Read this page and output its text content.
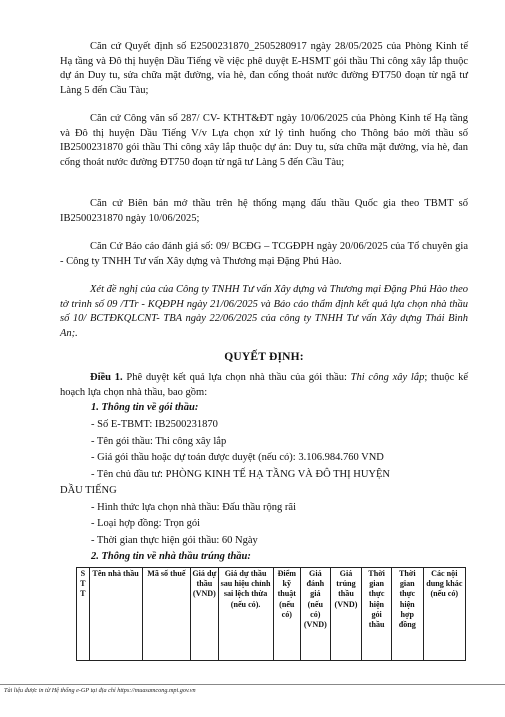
Căn cứ Quyết định số E2500231870_2505280917 ngày 28/05/2025 của Phòng Kinh tế Hạ tầng và Đô thị huyện Dầu Tiếng về việc phê duyệt E-HSMT gói thầu Thi công xây lắp thuộc dự án Duy tu, sửa chữa mặt đường, vỉa hè, đan cống thoát nước đường ĐT750 đoạn từ ngã tư Làng 5 đến Cầu Tàu;
Căn cứ Công văn số 287/ CV- KTHT&ĐT ngày 10/06/2025 của Phòng Kinh tế Hạ tầng và Đô thị huyện Dầu Tiếng V/v Lựa chọn xử lý tình huống cho Thông báo mời thầu số IB2500231870 gói thầu Thi công xây lắp thuộc dự án: Duy tu, sửa chữa mặt đường, vỉa hè, đan cống thoát nước đường ĐT750 đoạn từ ngã tư Làng 5 đến Cầu Tàu;
Căn cứ Biên bản mở thầu trên hệ thống mạng đấu thầu Quốc gia theo TBMT số IB2500231870 ngày 10/06/2025;
Căn Cứ Báo cáo đánh giá số: 09/ BCĐG – TCGĐPH ngày 20/06/2025 của Tổ chuyên gia - Công ty TNHH Tư vấn Xây dựng và Thương mại Đặng Phú Hào.
Xét đề nghị của của Công ty TNHH Tư vấn Xây dựng và Thương mại Đặng Phú Hào theo tờ trình số 09 /TTr - KQĐPH ngày 21/06/2025 và Báo cáo thẩm định kết quả lựa chọn nhà thầu số 10/ BCTĐKQLCNT- TBA ngày 22/06/2025 của công ty TNHH Tư vấn Xây dựng Thái Bình An;.
QUYẾT ĐỊNH:
Điều 1. Phê duyệt kết quả lựa chọn nhà thầu của gói thầu: Thi công xây lắp; thuộc kế hoạch lựa chọn nhà thầu, bao gồm:
1. Thông tin về gói thầu:
- Số E-TBMT: IB2500231870
- Tên gói thầu: Thi công xây lắp
- Giá gói thầu hoặc dự toán được duyệt (nếu có): 3.106.984.760 VND
- Tên chủ đầu tư: PHÒNG KINH TẾ HẠ TẦNG VÀ ĐÔ THỊ HUYỆN
DẦU TIẾNG
- Hình thức lựa chọn nhà thầu: Đấu thầu rộng rãi
- Loại hợp đồng: Trọn gói
- Thời gian thực hiện gói thầu: 60 Ngày
2. Thông tin về nhà thầu trúng thầu:
S T T	Tên nhà thầu	Mã số thuế	Giá dự thầu (VND)	Giá dự thầu sau hiệu chỉnh sai lệch thừa (nếu có).	Điểm kỹ thuật (nếu có)	Giá đánh giá (nếu có) (VND)	Giá trúng thầu (VND)	Thời gian thực hiện gói thầu	Thời gian thực hiện hợp đồng	Các nội dung khác (nếu có)
Tài liệu được in từ Hệ thống e-GP tại địa chỉ https://muasamcong.mpi.gov.vn
